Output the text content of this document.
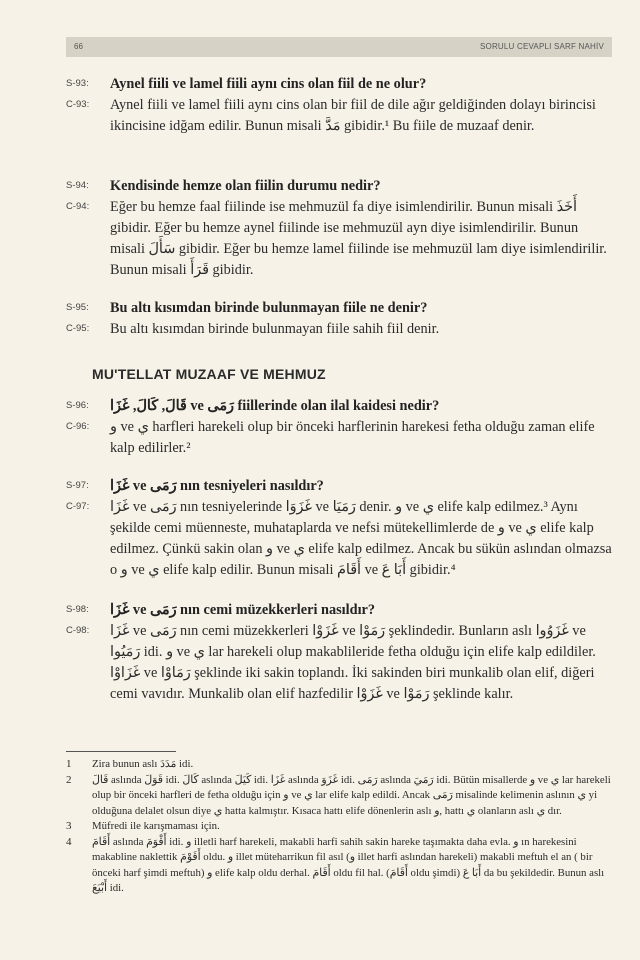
66	SORULU CEVAPLI SARF NAHİV
S-93:	Aynel fiili ve lamel fiili aynı cins olan fiil de ne olur?
C-93:	Aynel fiili ve lamel fiili aynı cins olan bir fiil de dile ağır geldiğinden dolayı birincisi ikincisine idğam edilir. Bunun misali مَدَّ gibidir.¹ Bu fiile de muzaaf denir.
S-94:	Kendisinde hemze olan fiilin durumu nedir?
C-94:	Eğer bu hemze faal fiilinde ise mehmuzül fa diye isimlendirilir. Bunun misali أَخَذَ gibidir. Eğer bu hemze aynel fiilinde ise mehmuzül ayn diye isimlendirilir. Bunun misali سَأَلَ gibidir. Eğer bu hemze lamel fiilinde ise mehmuzül lam diye isimlendirilir. Bunun misali قَرَأَ gibidir.
S-95:	Bu altı kısımdan birinde bulunmayan fiile ne denir?
C-95:	Bu altı kısımdan birinde bulunmayan fiile sahih fiil denir.
MU'TELLAT MUZAAF VE MEHMUZ
S-96:	قَالَ, كَالَ, غَزَا ve رَمَى fiillerinde olan ilal kaidesi nedir?
C-96:	و ve ي harfleri harekeli olup bir önceki harflerinin harekesi fetha olduğu zaman elife kalp edilirler.²
S-97:	غَزَا ve رَمَى nın tesniyeleri nasıldır?
C-97:	غَزَا ve رَمَى nın tesniyelerinde غَزَوَا ve رَمَيَا denir. و ve ي elife kalp edilmez.³ Aynı şekilde cemi müenneste, muhataplarda ve nefsi mütekellimlerde de و ve ي elife kalp edilmez. Çünkü sakin olan و ve ي elife kalp edilmez. Ancak bu sükün aslından olmazsa o و ve ي elife kalp edilir. Bunun misali أَقَامَ ve أَبَا عَ gibidir.⁴
S-98:	غَزَا ve رَمَى nın cemi müzekkerleri nasıldır?
C-98:	غَزَا ve رَمَى nın cemi müzekkerleri غَزَوْا ve رَمَوْا şeklindedir. Bunların aslı غَزَوُوا ve رَمَيُوا idi. و ve ي lar harekeli olup makablileride fetha olduğu için elife kalp edildiler. غَزَاوْا ve رَمَاوْا şeklinde iki sakin toplandı. İki sakinden biri munkalib olan elif, diğeri cemi vavıdır. Munkalib olan elif hazfedilir غَزَوْا ve رَمَوْا şeklinde kalır.
1	Zira bunun aslı مَدَدَ idi.
2	قَالَ aslında قَوَلَ idi. كَالَ aslında كَيَلَ idi. غَزَا aslında غَزَوَ idi. رَمَى aslında رَمَيَ idi. Bütün misallerde و ve ي lar harekeli olup bir önceki harfleri de fetha olduğu için و ve ي lar elife kalp edildi. Ancak رَمَى misalinde kelimenin aslının ي yi olduğuna delalet olsun diye ي hatta kalmıştır. Kısaca hattı elife dönenlerin aslı و, hattı ي olanların aslı ي dır.
3	Müfredi ile karışmaması için.
4	أَقَامَ aslında أَقْوَمَ idi. و illetli harf harekeli, makabli harfi sahih sakin hareke taşımakta daha evla. و ın harekesini makabline naklettik أَقَوْمَ oldu. و illet müteharrikun fil asıl (و illet harfi aslından harekeli) makabli meftuh el an ( bir önceki harf şimdi meftuh) و elife kalp oldu derhal. أَقَامَ oldu fil hal. (أَقَامَ oldu şimdi) أَبَا عَ da bu şekildedir. Bunun aslı أَبْيَعَ idi.
